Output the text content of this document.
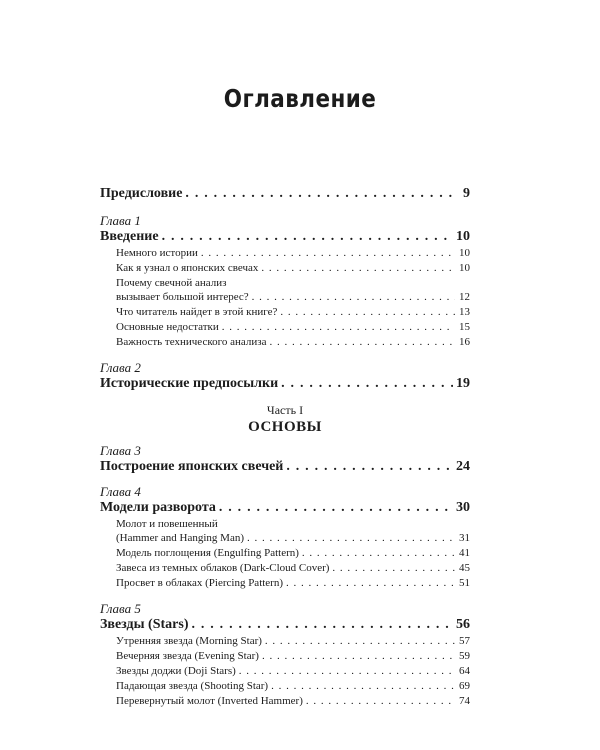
Оглавление
Предисловие . . .	9
Глава 1
Введение . . .	10
Немного истории . . .	10
Как я узнал о японских свечах . . .	10
Почему свечной анализ
вызывает большой интерес? . . .	12
Что читатель найдет в этой книге? . . .	13
Основные недостатки . . .	15
Важность технического анализа . . .	16
Глава 2
Исторические предпосылки . . .	19
Часть I
ОСНОВЫ
Глава 3
Построение японских свечей . . .	24
Глава 4
Модели разворота . . .	30
Молот и повешенный
(Hammer and Hanging Man) . . .	31
Модель поглощения (Engulfing Pattern) . . .	41
Завеса из темных облаков (Dark-Cloud Cover) . . .	45
Просвет в облаках (Piercing Pattern) . . .	51
Глава 5
Звезды (Stars) . . .	56
Утренняя звезда (Morning Star) . . .	57
Вечерняя звезда (Evening Star) . . .	59
Звезды доджи (Doji Stars) . . .	64
Падающая звезда (Shooting Star) . . .	69
Перевернутый молот (Inverted Hammer) . . .	74
